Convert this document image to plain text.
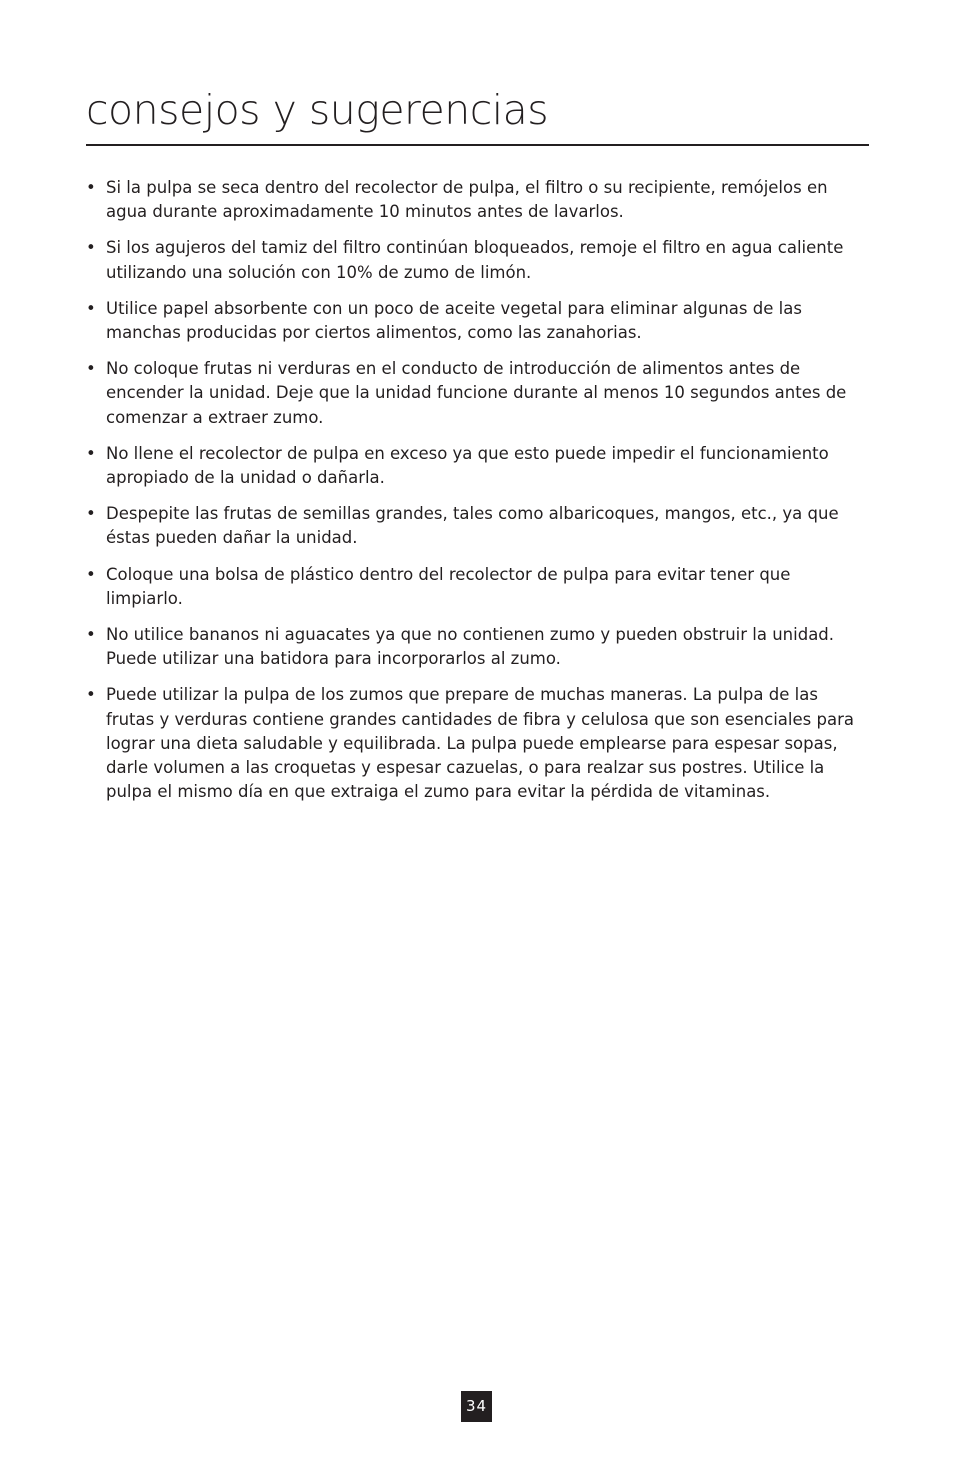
consejos y sugerencias
• Si la pulpa se seca dentro del recolector de pulpa, el filtro o su recipiente, remójelos en agua durante aproximadamente 10 minutos antes de lavarlos.
• Si los agujeros del tamiz del filtro continúan bloqueados, remoje el filtro en agua caliente utilizando una solución con 10% de zumo de limón.
• Utilice papel absorbente con un poco de aceite vegetal para eliminar algunas de las manchas producidas por ciertos alimentos, como las zanahorias.
• No coloque frutas ni verduras en el conducto de introducción de alimentos antes de encender la unidad. Deje que la unidad funcione durante al menos 10 segundos antes de comenzar a extraer zumo.
• No llene el recolector de pulpa en exceso ya que esto puede impedir el funcionamiento apropiado de la unidad o dañarla.
• Despepite las frutas de semillas grandes, tales como albaricoques, mangos, etc., ya que éstas pueden dañar la unidad.
• Coloque una bolsa de plástico dentro del recolector de pulpa para evitar tener que limpiarlo.
• No utilice bananos ni aguacates ya que no contienen zumo y pueden obstruir la unidad. Puede utilizar una batidora para incorporarlos al zumo.
• Puede utilizar la pulpa de los zumos que prepare de muchas maneras. La pulpa de las frutas y verduras contiene grandes cantidades de fibra y celulosa que son esenciales para lograr una dieta saludable y equilibrada. La pulpa puede emplearse para espesar sopas, darle volumen a las croquetas y espesar cazuelas, o para realzar sus postres. Utilice la pulpa el mismo día en que extraiga el zumo para evitar la pérdida de vitaminas.
34
